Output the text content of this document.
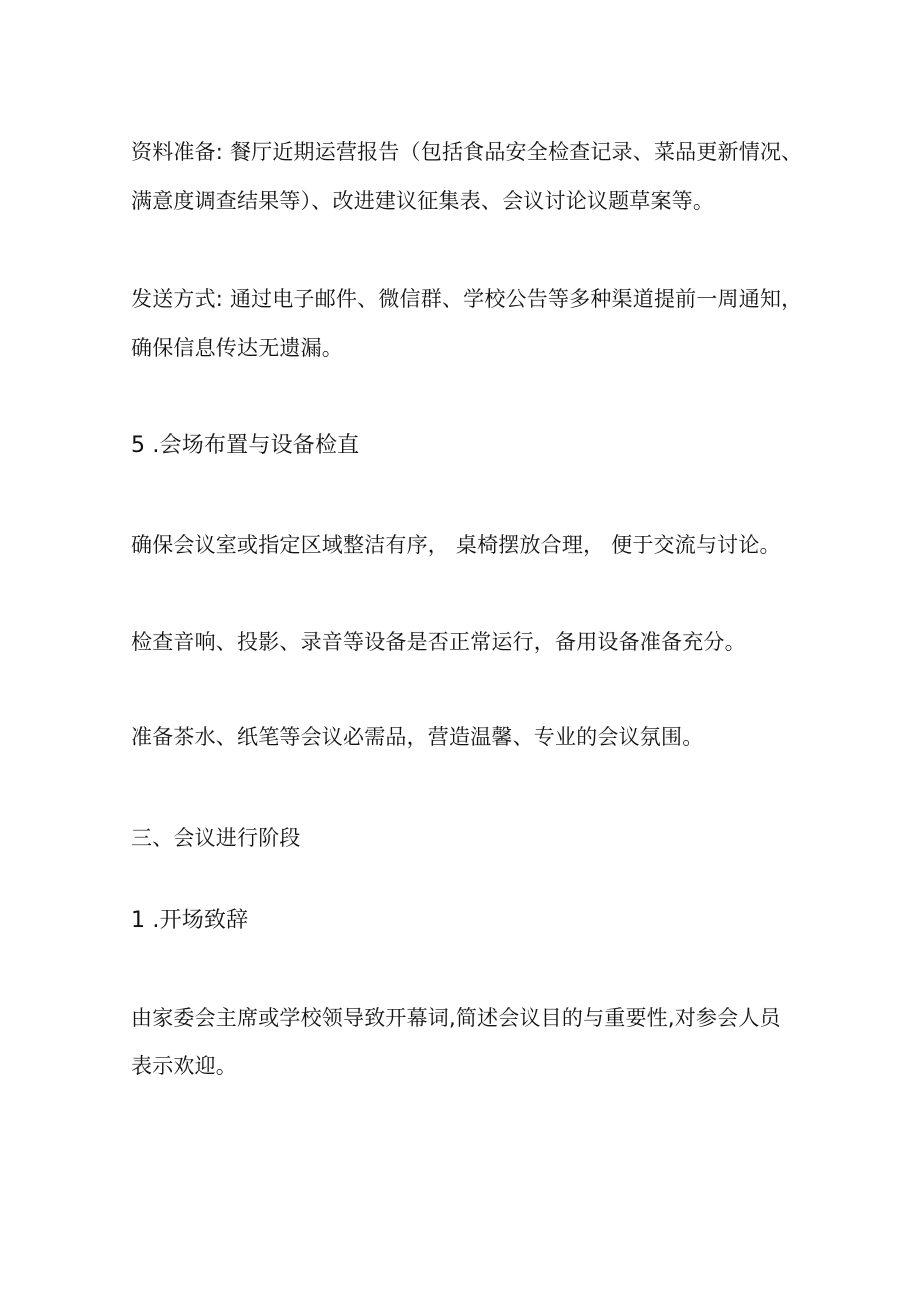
资料准备: 餐厅近期运营报告（包括食品安全检查记录、菜品更新情况、
满意度调查结果等）、改进建议征集表、会议讨论议题草案等。
发送方式: 通过电子邮件、微信群、学校公告等多种渠道提前一周通知，
确保信息传达无遗漏。
5 .会场布置与设备检直
确保会议室或指定区域整洁有序， 桌椅摆放合理， 便于交流与讨论。
检查音响、投影、录音等设备是否正常运行，备用设备准备充分。
准备茶水、纸笔等会议必需品，营造温馨、专业的会议氛围。
三、会议进行阶段
1 .开场致辞
由家委会主席或学校领导致开幕词,简述会议目的与重要性,对参会人员
表示欢迎。
